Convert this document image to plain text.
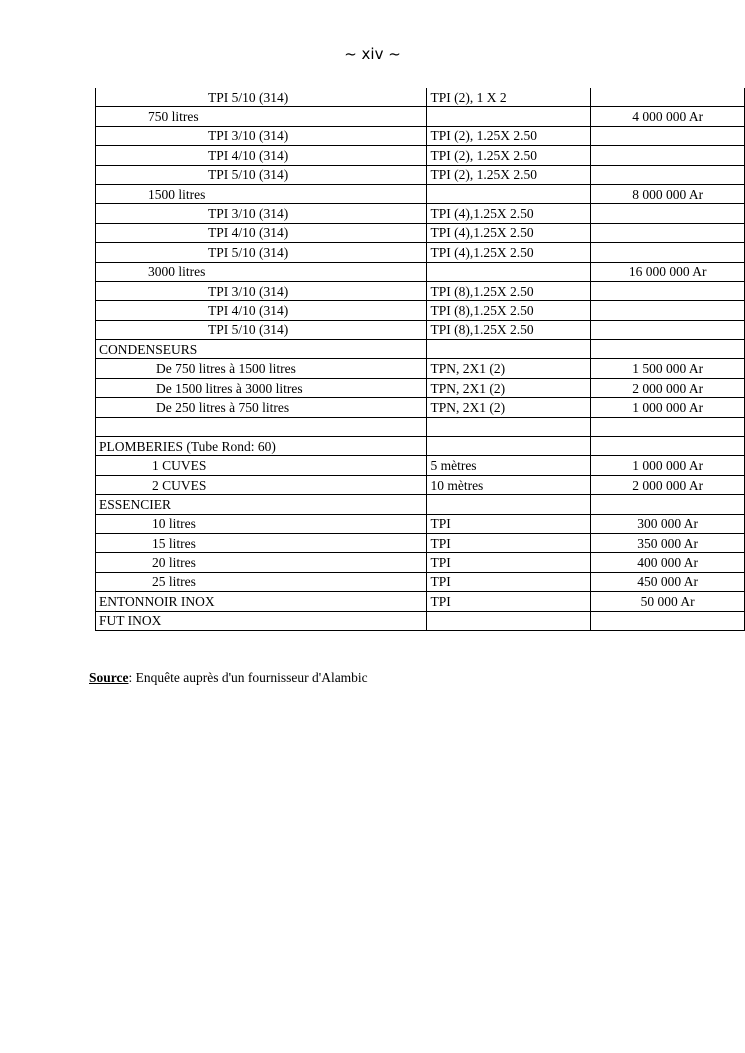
~ xiv ~
TPI 5/10 (314)	TPI (2), 1 X 2	
750 litres		4 000 000 Ar
TPI 3/10 (314)	TPI (2), 1.25X 2.50	
TPI 4/10 (314)	TPI (2), 1.25X 2.50	
TPI 5/10 (314)	TPI (2), 1.25X 2.50	
1500 litres		8 000 000 Ar
TPI 3/10 (314)	TPI (4),1.25X 2.50	
TPI 4/10 (314)	TPI (4),1.25X 2.50	
TPI 5/10 (314)	TPI (4),1.25X 2.50	
3000 litres		16 000 000 Ar
TPI 3/10 (314)	TPI (8),1.25X 2.50	
TPI 4/10 (314)	TPI (8),1.25X 2.50	
TPI 5/10 (314)	TPI (8),1.25X 2.50	
CONDENSEURS		
De 750 litres à 1500 litres	TPN, 2X1 (2)	1 500 000 Ar
De 1500 litres à 3000 litres	TPN, 2X1 (2)	2 000 000 Ar
De 250 litres à 750 litres	TPN, 2X1 (2)	1 000 000 Ar

PLOMBERIES (Tube Rond: 60)		
1 CUVES	5 mètres	1 000 000 Ar
2 CUVES	10 mètres	2 000 000 Ar
ESSENCIER		
10 litres	TPI	300 000 Ar
15 litres	TPI	350 000 Ar
20 litres	TPI	400 000 Ar
25 litres	TPI	450 000 Ar
ENTONNOIR INOX	TPI	50 000 Ar
FUT INOX		
Source: Enquête auprès d'un fournisseur d'Alambic
